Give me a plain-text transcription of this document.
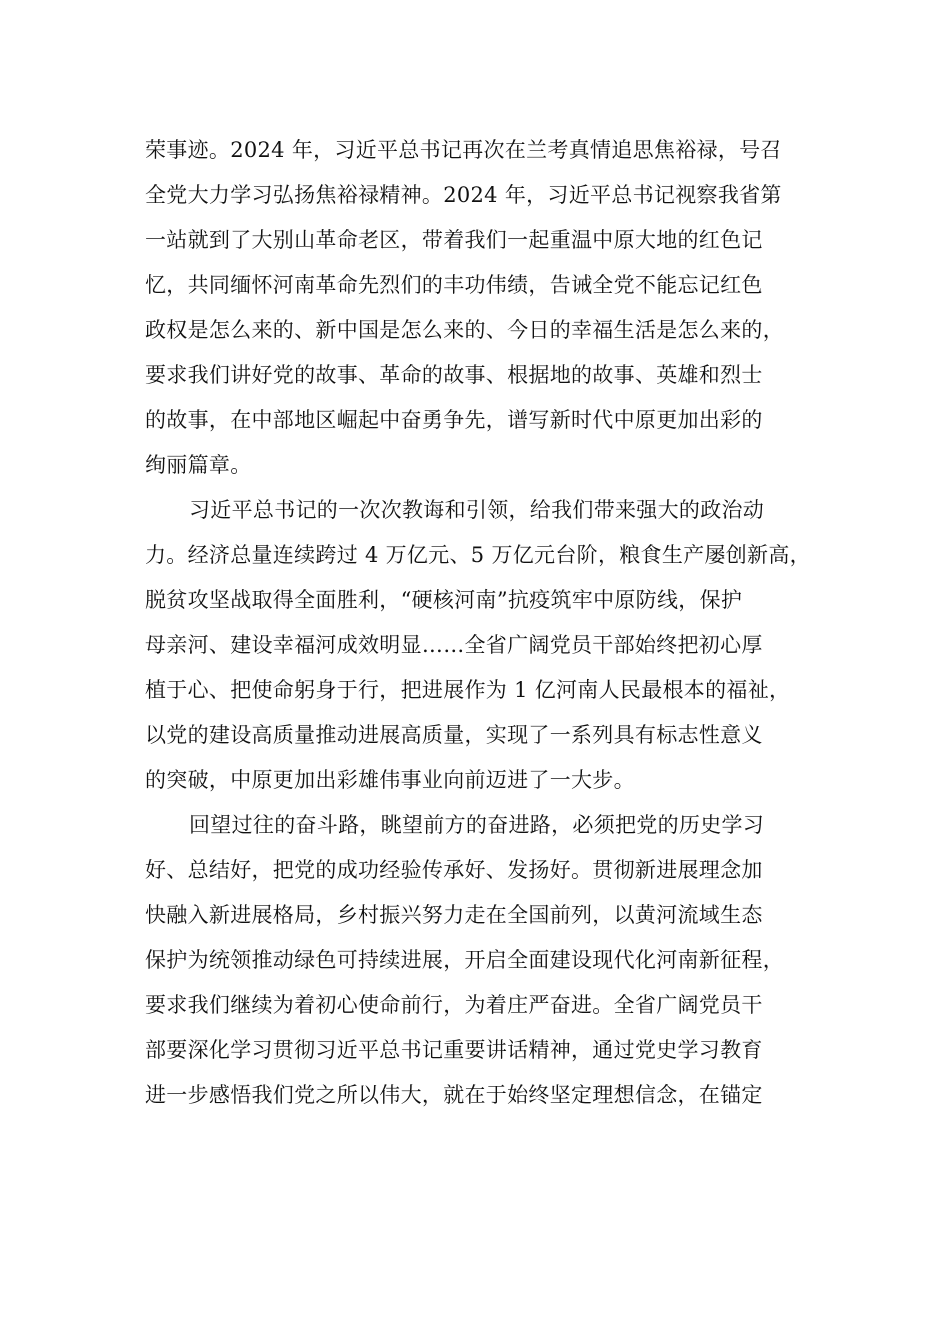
荣事迹。2024 年，习近平总书记再次在兰考真情追思焦裕禄，号召
全党大力学习弘扬焦裕禄精神。2024 年，习近平总书记视察我省第
一站就到了大别山革命老区，带着我们一起重温中原大地的红色记
忆，共同缅怀河南革命先烈们的丰功伟绩，告诫全党不能忘记红色
政权是怎么来的、新中国是怎么来的、今日的幸福生活是怎么来的，
要求我们讲好党的故事、革命的故事、根据地的故事、英雄和烈士
的故事，在中部地区崛起中奋勇争先，谱写新时代中原更加出彩的
绚丽篇章。
习近平总书记的一次次教诲和引领，给我们带来强大的政治动
力。经济总量连续跨过 4 万亿元、5 万亿元台阶，粮食生产屡创新高，
脱贫攻坚战取得全面胜利，“硬核河南”抗疫筑牢中原防线，保护
母亲河、建设幸福河成效明显……全省广阔党员干部始终把初心厚
植于心、把使命躬身于行，把进展作为 1 亿河南人民最根本的福祉，
以党的建设高质量推动进展高质量，实现了一系列具有标志性意义
的突破，中原更加出彩雄伟事业向前迈进了一大步。
回望过往的奋斗路，眺望前方的奋进路，必须把党的历史学习
好、总结好，把党的成功经验传承好、发扬好。贯彻新进展理念加
快融入新进展格局，乡村振兴努力走在全国前列，以黄河流域生态
保护为统领推动绿色可持续进展，开启全面建设现代化河南新征程，
要求我们继续为着初心使命前行，为着庄严奋进。全省广阔党员干
部要深化学习贯彻习近平总书记重要讲话精神，通过党史学习教育
进一步感悟我们党之所以伟大，就在于始终坚定理想信念，在锚定
